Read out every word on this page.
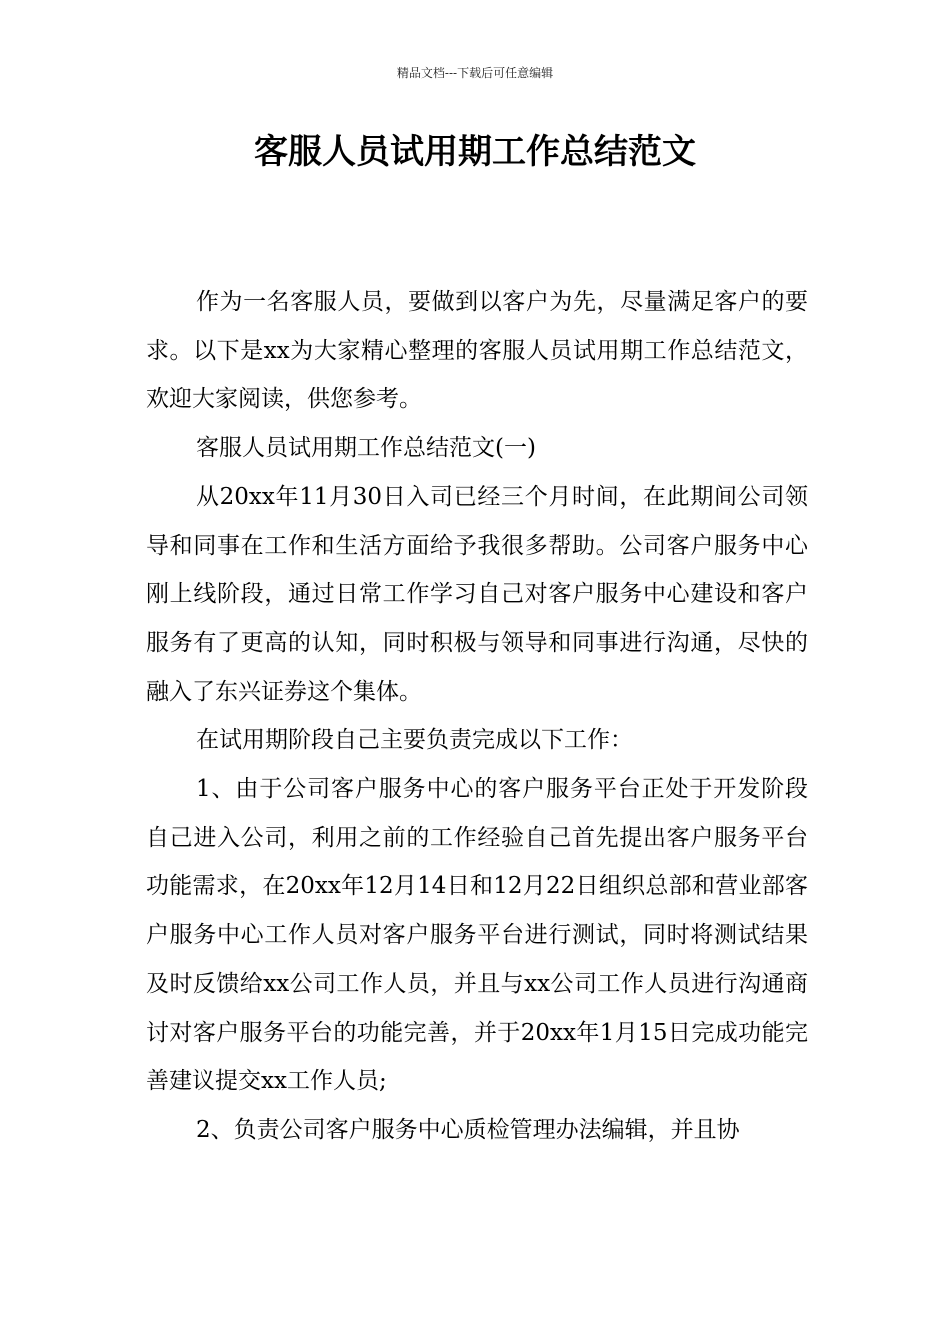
精品文档---下载后可任意编辑
客服人员试用期工作总结范文

作为一名客服人员，要做到以客户为先，尽量满足客户的要求。以下是xx为大家精心整理的客服人员试用期工作总结范文，欢迎大家阅读，供您参考。

客服人员试用期工作总结范文(一)

从20xx年11月30日入司已经三个月时间，在此期间公司领导和同事在工作和生活方面给予我很多帮助。公司客户服务中心刚上线阶段，通过日常工作学习自己对客户服务中心建设和客户服务有了更高的认知，同时积极与领导和同事进行沟通，尽快的融入了东兴证券这个集体。

在试用期阶段自己主要负责完成以下工作：

1、由于公司客户服务中心的客户服务平台正处于开发阶段自己进入公司，利用之前的工作经验自己首先提出客户服务平台功能需求，在20xx年12月14日和12月22日组织总部和营业部客户服务中心工作人员对客户服务平台进行测试，同时将测试结果及时反馈给xx公司工作人员，并且与xx公司工作人员进行沟通商讨对客户服务平台的功能完善，并于20xx年1月15日完成功能完善建议提交xx工作人员;

2、负责公司客户服务中心质检管理办法编辑，并且协
